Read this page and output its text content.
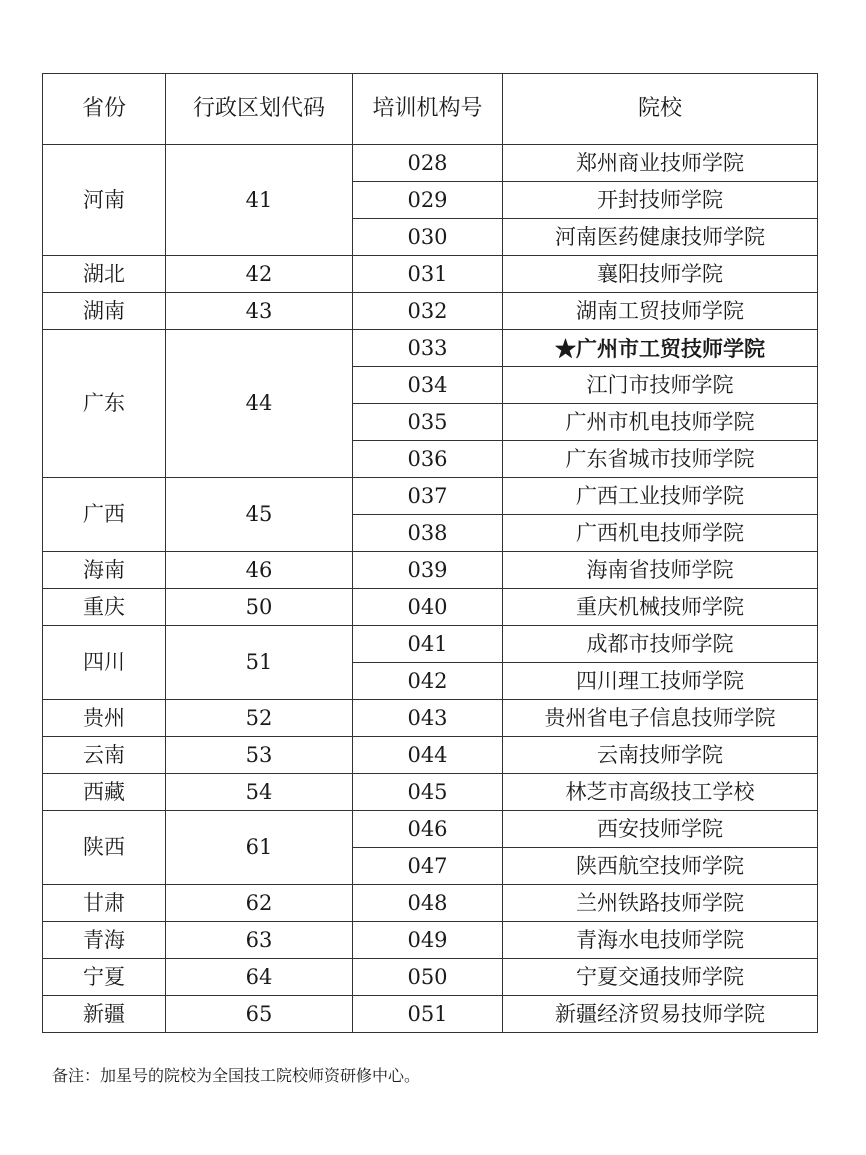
省份	行政区划代码	培训机构号	院校
河南	41	028	郑州商业技师学院
		029	开封技师学院
		030	河南医药健康技师学院
湖北	42	031	襄阳技师学院
湖南	43	032	湖南工贸技师学院
广东	44	033	★广州市工贸技师学院
		034	江门市技师学院
		035	广州市机电技师学院
		036	广东省城市技师学院
广西	45	037	广西工业技师学院
		038	广西机电技师学院
海南	46	039	海南省技师学院
重庆	50	040	重庆机械技师学院
四川	51	041	成都市技师学院
		042	四川理工技师学院
贵州	52	043	贵州省电子信息技师学院
云南	53	044	云南技师学院
西藏	54	045	林芝市高级技工学校
陕西	61	046	西安技师学院
		047	陕西航空技师学院
甘肃	62	048	兰州铁路技师学院
青海	63	049	青海水电技师学院
宁夏	64	050	宁夏交通技师学院
新疆	65	051	新疆经济贸易技师学院
备注：加星号的院校为全国技工院校师资研修中心。
